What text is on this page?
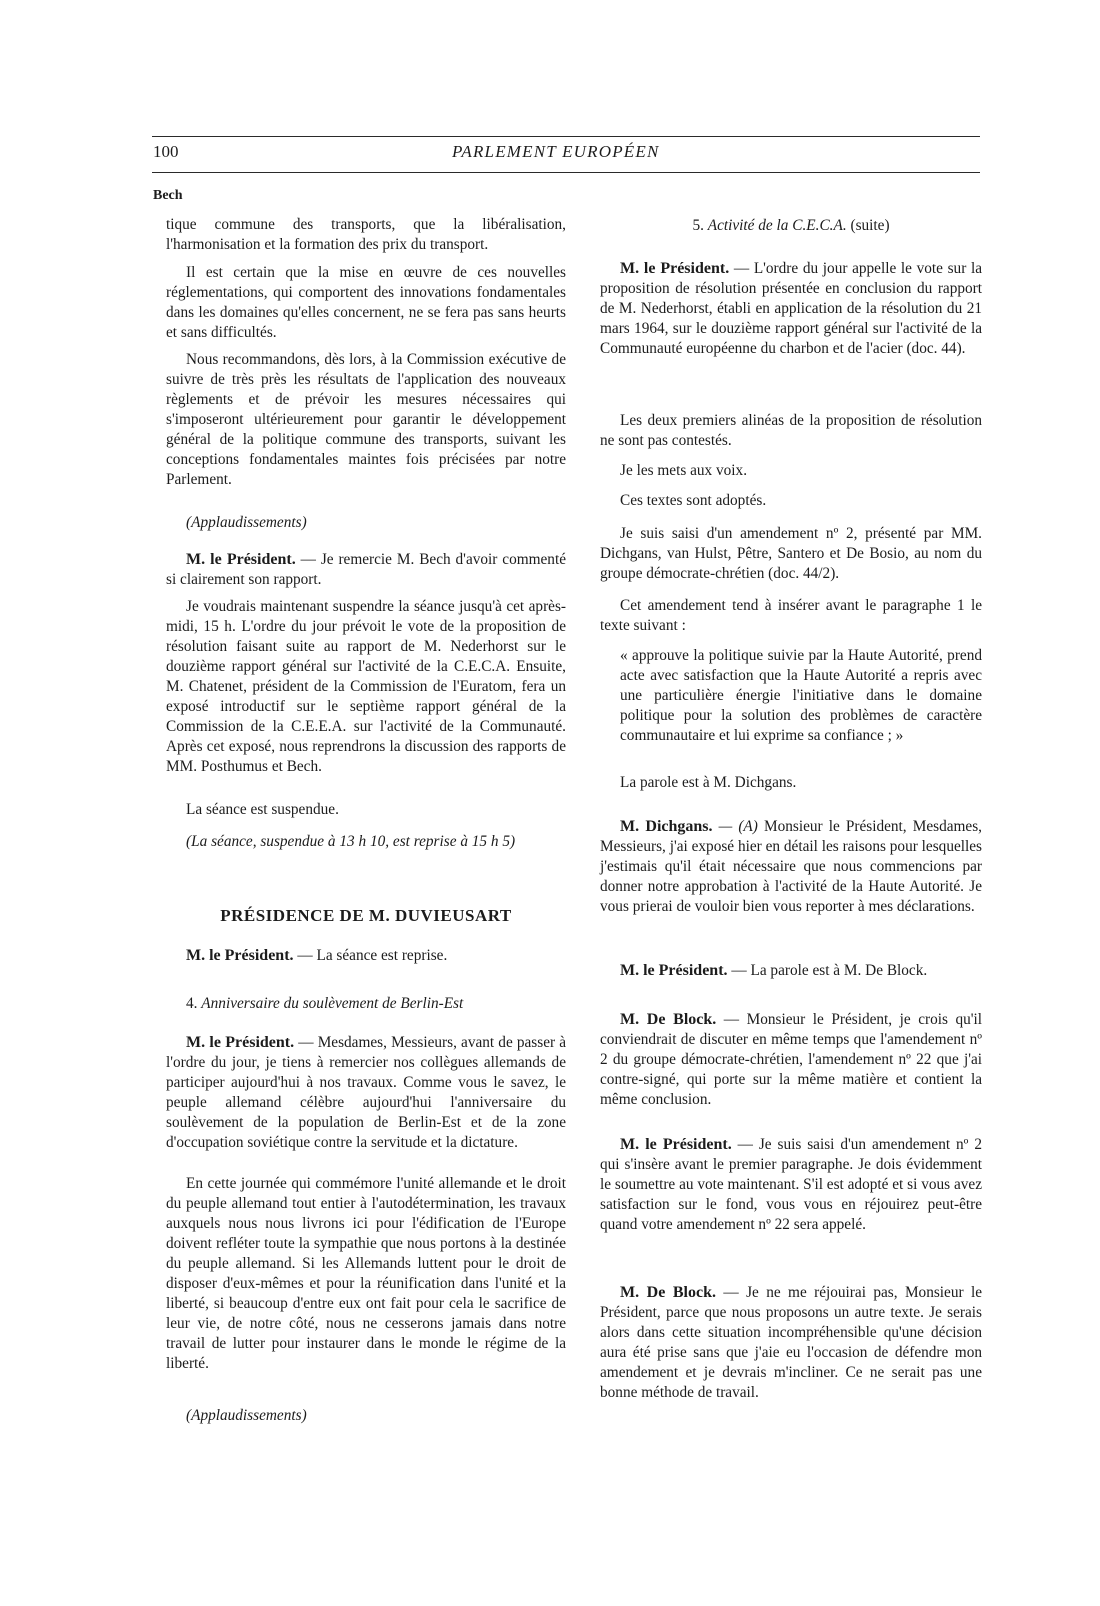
100	PARLEMENT EUROPÉEN
Bech

tique commune des transports, que la libéralisation, l'harmonisation et la formation des prix du transport.

Il est certain que la mise en œuvre de ces nouvelles réglementations, qui comportent des innovations fondamentales dans les domaines qu'elles concernent, ne se fera pas sans heurts et sans difficultés.

Nous recommandons, dès lors, à la Commission exécutive de suivre de très près les résultats de l'application des nouveaux règlements et de prévoir les mesures nécessaires qui s'imposeront ultérieurement pour garantir le développement général de la politique commune des transports, suivant les conceptions fondamentales maintes fois précisées par notre Parlement.

(Applaudissements)

M. le Président. — Je remercie M. Bech d'avoir commenté si clairement son rapport.

Je voudrais maintenant suspendre la séance jusqu'à cet après-midi, 15 h. L'ordre du jour prévoit le vote de la proposition de résolution faisant suite au rapport de M. Nederhorst sur le douzième rapport général sur l'activité de la C.E.C.A. Ensuite, M. Chatenet, président de la Commission de l'Euratom, fera un exposé introductif sur le septième rapport général de la Commission de la C.E.E.A. sur l'activité de la Communauté. Après cet exposé, nous reprendrons la discussion des rapports de MM. Posthumus et Bech.

La séance est suspendue.

(La séance, suspendue à 13 h 10, est reprise à 15 h 5)

PRÉSIDENCE DE M. DUVIEUSART

M. le Président. — La séance est reprise.

4. Anniversaire du soulèvement de Berlin-Est

M. le Président. — Mesdames, Messieurs, avant de passer à l'ordre du jour, je tiens à remercier nos collègues allemands de participer aujourd'hui à nos travaux. Comme vous le savez, le peuple allemand célèbre aujourd'hui l'anniversaire du soulèvement de la population de Berlin-Est et de la zone d'occupation soviétique contre la servitude et la dictature.

En cette journée qui commémore l'unité allemande et le droit du peuple allemand tout entier à l'autodétermination, les travaux auxquels nous nous livrons ici pour l'édification de l'Europe doivent refléter toute la sympathie que nous portons à la destinée du peuple allemand. Si les Allemands luttent pour le droit de disposer d'eux-mêmes et pour la réunification dans l'unité et la liberté, si beaucoup d'entre eux ont fait pour cela le sacrifice de leur vie, de notre côté, nous ne cesserons jamais dans notre travail de lutter pour instaurer dans le monde le régime de la liberté.

(Applaudissements)

5. Activité de la C.E.C.A. (suite)

M. le Président. — L'ordre du jour appelle le vote sur la proposition de résolution présentée en conclusion du rapport de M. Nederhorst, établi en application de la résolution du 21 mars 1964, sur le douzième rapport général sur l'activité de la Communauté européenne du charbon et de l'acier (doc. 44).

Les deux premiers alinéas de la proposition de résolution ne sont pas contestés.

Je les mets aux voix.

Ces textes sont adoptés.

Je suis saisi d'un amendement nº 2, présenté par MM. Dichgans, van Hulst, Pêtre, Santero et De Bosio, au nom du groupe démocrate-chrétien (doc. 44/2).

Cet amendement tend à insérer avant le paragraphe 1 le texte suivant :

« approuve la politique suivie par la Haute Autorité, prend acte avec satisfaction que la Haute Autorité a repris avec une particulière énergie l'initiative dans le domaine politique pour la solution des problèmes de caractère communautaire et lui exprime sa confiance ; »

La parole est à M. Dichgans.

M. Dichgans. — (A) Monsieur le Président, Mesdames, Messieurs, j'ai exposé hier en détail les raisons pour lesquelles j'estimais qu'il était nécessaire que nous commencions par donner notre approbation à l'activité de la Haute Autorité. Je vous prierai de vouloir bien vous reporter à mes déclarations.

M. le Président. — La parole est à M. De Block.

M. De Block. — Monsieur le Président, je crois qu'il conviendrait de discuter en même temps que l'amendement nº 2 du groupe démocrate-chrétien, l'amendement nº 22 que j'ai contre-signé, qui porte sur la même matière et contient la même conclusion.

M. le Président. — Je suis saisi d'un amendement nº 2 qui s'insère avant le premier paragraphe. Je dois évidemment le soumettre au vote maintenant. S'il est adopté et si vous avez satisfaction sur le fond, vous vous en réjouirez peut-être quand votre amendement nº 22 sera appelé.

M. De Block. — Je ne me réjouirai pas, Monsieur le Président, parce que nous proposons un autre texte. Je serais alors dans cette situation incompréhensible qu'une décision aura été prise sans que j'aie eu l'occasion de défendre mon amendement et je devrais m'incliner. Ce ne serait pas une bonne méthode de travail.
